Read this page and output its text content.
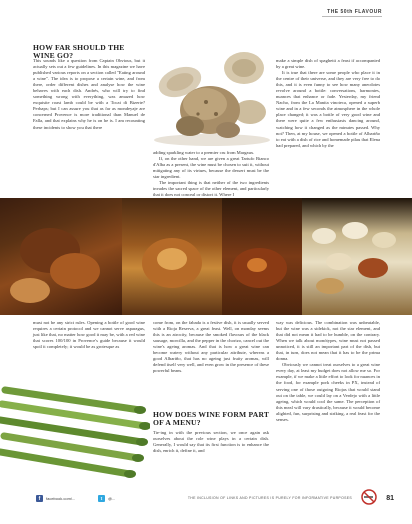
THE 50th FLAVOUR
HOW FAR SHOULD THE WINE GO?

This sounds like a question from Captain Obvious, but it actually sets out a few guidelines. In this magazine we have published various reports on a section called "Eating around a wine". The idea is to propose a certain wine, and from there, order different dishes and analyse how the wine behaves with each dish. Andrés, who will try to find something wrong with everything, was amazed how exquisite roast lamb could be with a Tocai di Bizerte? Perhaps; but I can assure you that as far as mondeyaje are concerned Provence is more traditional than Manuel de Falla, and that explains why he is on he is. I am recounting these incidents to show you that there

adding sparkling water to a premier cru from Margaux.

If, on the other hand, we are given a great Tartufo Bianco d'Alba as a present, the wine must be chosen to suit it, without mitigating any of its virtues, because the dessert must be the star ingredient.

The important thing is that neither of the two ingredients invades the sacred space of the other element, and particularly that it does not conceal or distort it. Where I

make a simple dish of spaghetti a feast if accompanied by a great wine.

It is true that there are some people who place it in the centre of their universe, and they are very free to do this, and it is even funny to see how many anecdotes revolve around a bottle: conversations, harmonies, nuances that enhance or fade. Yesterday, my friend Nacho, from the La Manita vinoteca, opened a superb wine and in a few seconds the atmosphere in the whole place changed; it was a bottle of very good wine and there were quite a few enthusiasts dancing around, watching how it changed as the minutes passed. Why not? Then, at my house, we opened a bottle of Albariño to eat with a dish of rice and homemade pilau that Elena had prepared, and which by the

must not be any strict rules. Opening a bottle of good wine requires a certain protocol and we cannot serve asparagus, just like that, no matter how good it may be, with a red wine that scores 100/100 in Provence's guide because it would spoil it completely; it would be as grotesque as

come from, on the fabada is a festive dish, it is usually served with a Rioja Reserva, a great feast. Well, on monday seems this is an atrocity, because the smoked flavours of the black sausage, morcilla, and the pepper in the chorizo, cancel out the wine's ageing aromas. And that is how a great wine can become watery without any particular attribute, whereas a good Albariño, that has no ageing just fruity aromas, will defend itself very well, and even grow in the presence of these powerful beans.

HOW DOES WINE FORM PART OF A MENU?

Tie-ing in with the previous section, we once again ask ourselves about the role wine plays in a certain dish. Generally, I would say that its first function is to enhance the dish, enrich it, define it, and

way was delicious. The combination was unbeatable, but the wine was a sidekick, not the star element, and that did not mean it had to be humble, on the contrary. When we talk about monótypes, wine must not passed unnoticed, it is still an important part of the dish, but that, in turn, does not mean that it has to be the prima donna.

Obviously we cannot treat ourselves to a great wine every day, at least my budget does not allow me so. For example, if we make a little effort to look for nuances in the food, for example pork cheeks in PX, instead of serving one of those outgoing Riojas that would stand out on the table, we could lay on a Verdejo with a little ageing, which would cool the same. The perception of this meal will vary drastically, because it would become alighted, fun, surprising and striking, a real feast for the senses.

f	facebook.com/...	t	@...	THE INCLUSION OF LINKS AND PICTURES IS PURELY FOR INFORMATIVE PURPOSES	81
